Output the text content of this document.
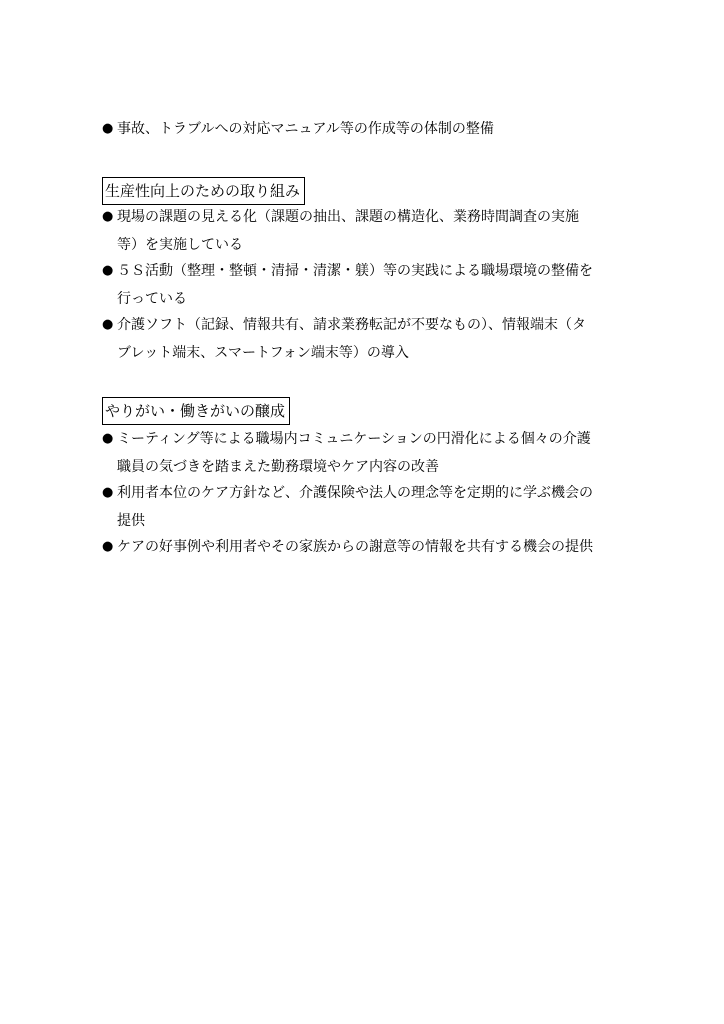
● 事故、トラブルへの対応マニュアル等の作成等の体制の整備
生産性向上のための取り組み
● 現場の課題の見える化（課題の抽出、課題の構造化、業務時間調査の実施
等）を実施している
● ５Ｓ活動（整理・整頓・清掃・清潔・躾）等の実践による職場環境の整備を
行っている
● 介護ソフト（記録、情報共有、請求業務転記が不要なもの）、情報端末（タ
ブレット端末、スマートフォン端末等）の導入
やりがい・働きがいの醸成
● ミーティング等による職場内コミュニケーションの円滑化による個々の介護
職員の気づきを踏まえた勤務環境やケア内容の改善
● 利用者本位のケア方針など、介護保険や法人の理念等を定期的に学ぶ機会の
提供
● ケアの好事例や利用者やその家族からの謝意等の情報を共有する機会の提供
